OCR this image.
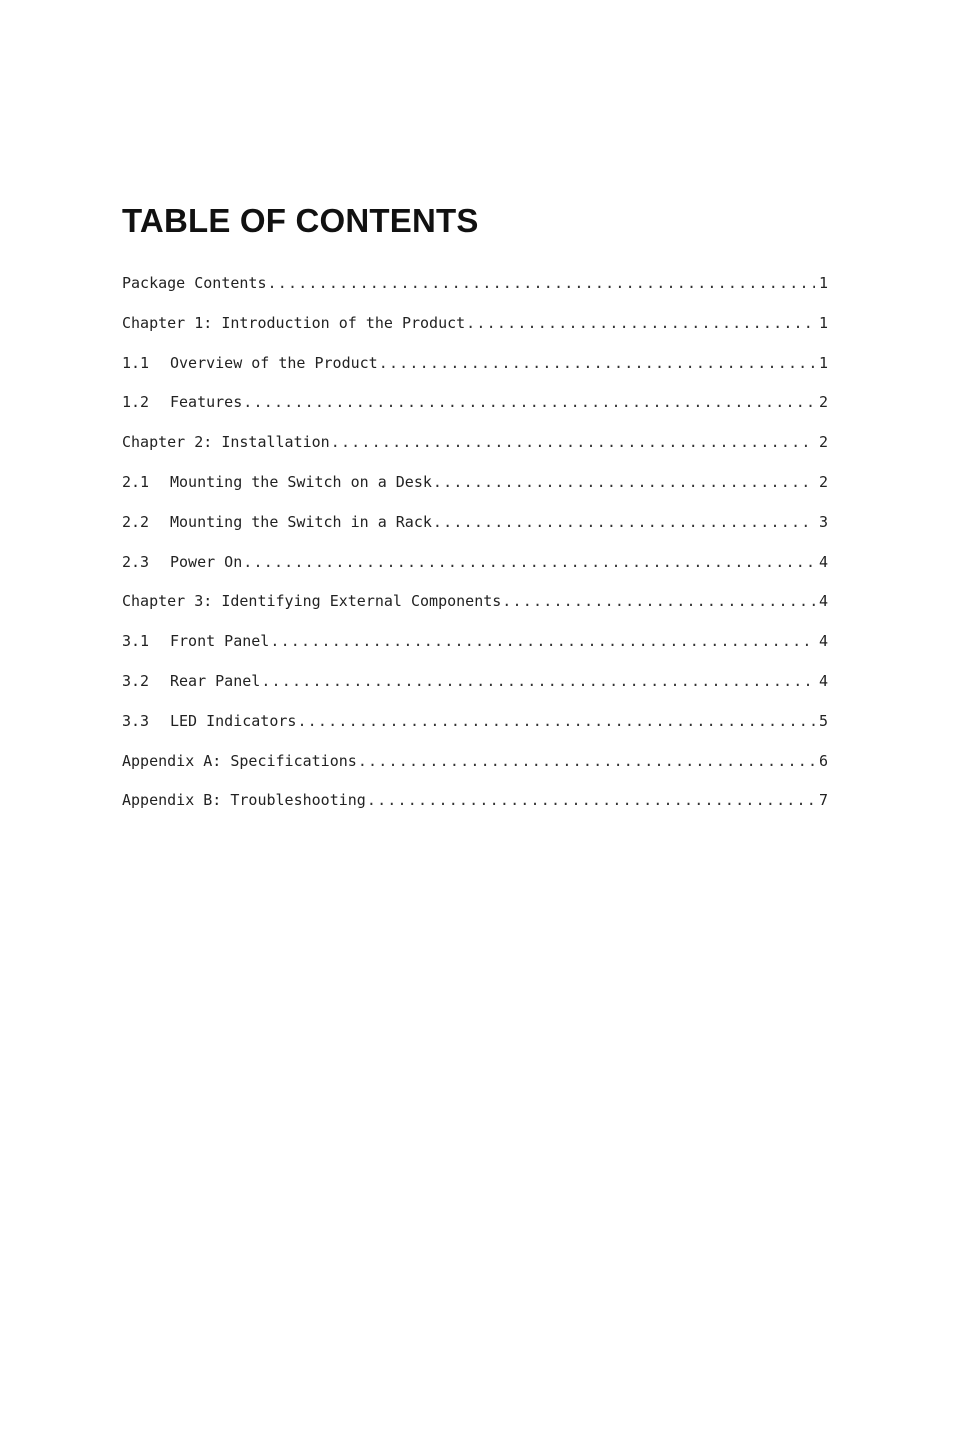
TABLE OF CONTENTS
Package Contents .....	1
Chapter 1: Introduction of the Product .....	1
1.1	Overview of the Product .....	1
1.2	Features .....	2
Chapter 2: Installation .....	2
2.1	Mounting the Switch on a Desk .....	2
2.2	Mounting the Switch in a Rack .....	3
2.3	Power On .....	4
Chapter 3: Identifying External Components .....	4
3.1	Front Panel .....	4
3.2	Rear Panel .....	4
3.3	LED Indicators .....	5
Appendix A: Specifications .....	6
Appendix B: Troubleshooting .....	7
